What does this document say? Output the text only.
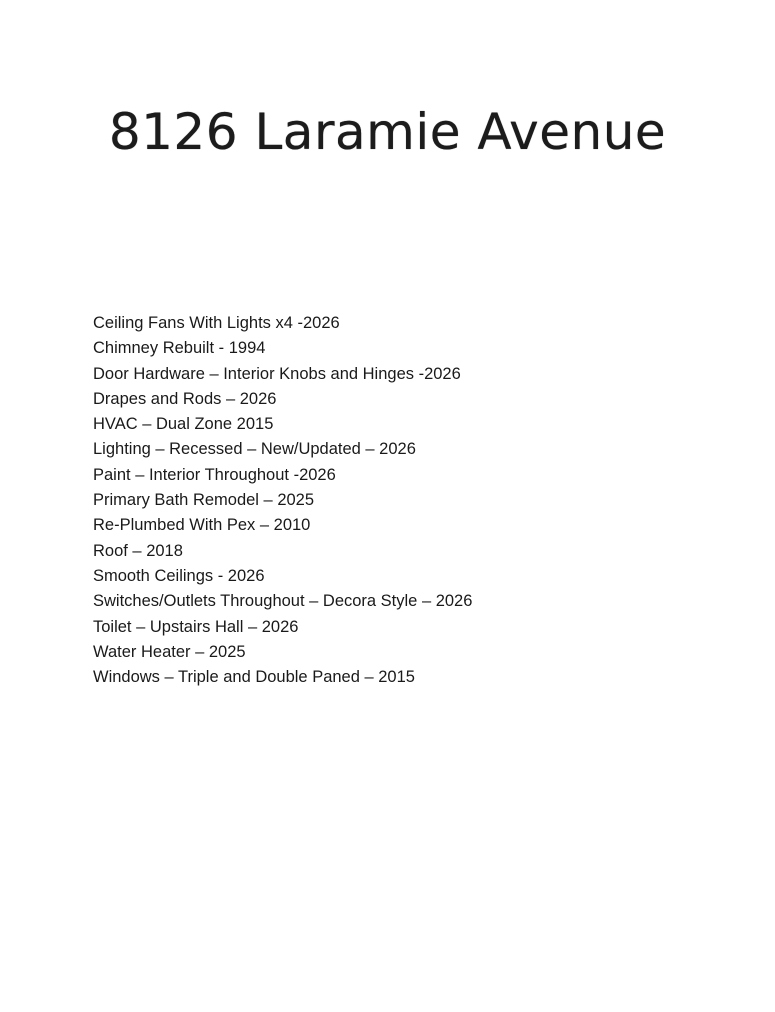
8126 Laramie Avenue
Ceiling Fans With Lights x4 -2026
Chimney Rebuilt - 1994
Door Hardware – Interior Knobs and Hinges -2026
Drapes and Rods – 2026
HVAC – Dual Zone 2015
Lighting – Recessed – New/Updated – 2026
Paint – Interior Throughout -2026
Primary Bath Remodel – 2025
Re-Plumbed With Pex – 2010
Roof – 2018
Smooth Ceilings - 2026
Switches/Outlets Throughout – Decora Style – 2026
Toilet – Upstairs Hall – 2026
Water Heater – 2025
Windows – Triple and Double Paned – 2015
